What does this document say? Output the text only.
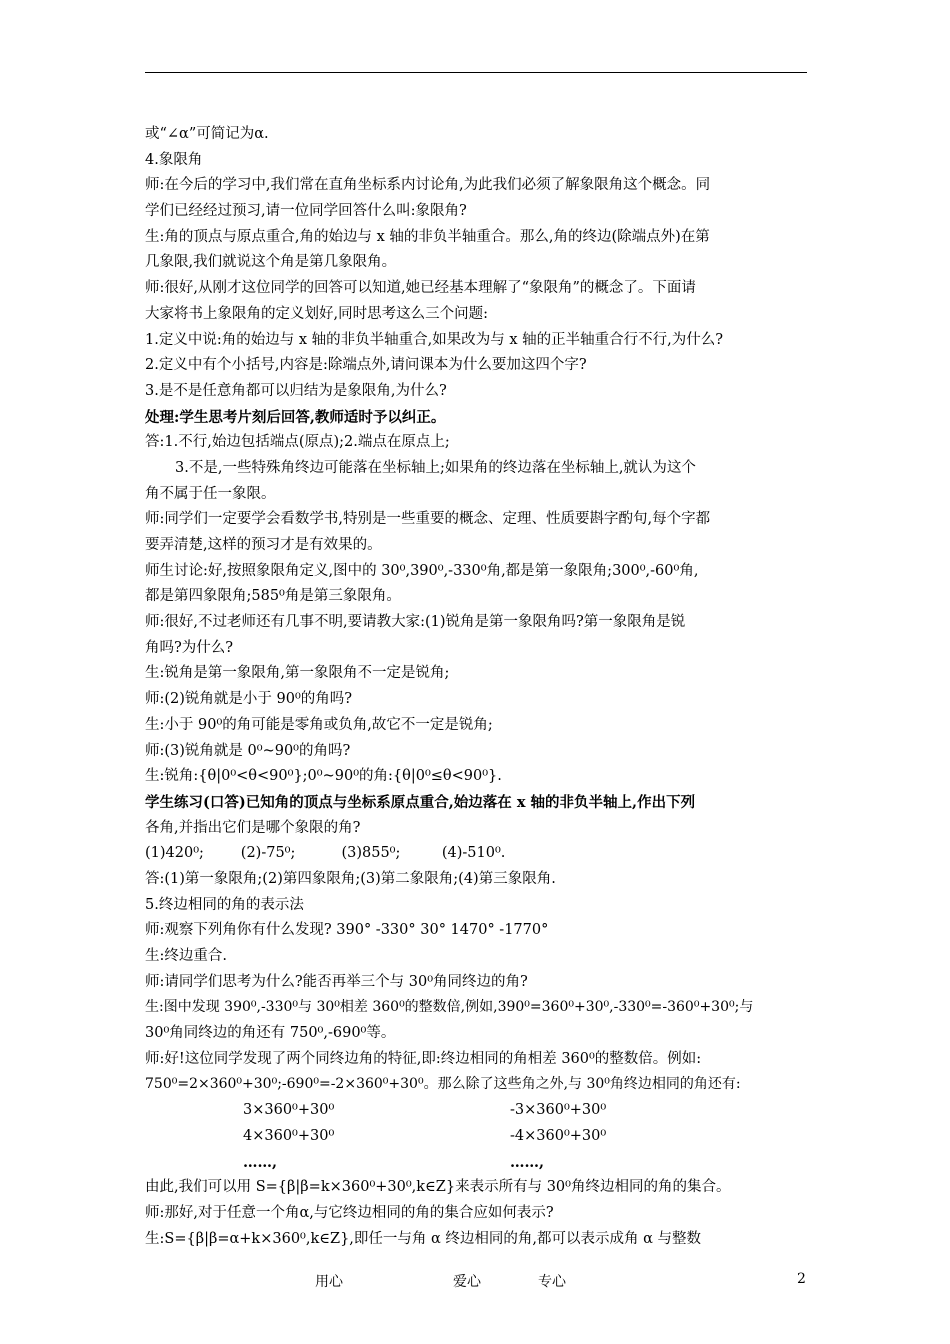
或“∠α”可简记为α.
4.象限角
师:在今后的学习中,我们常在直角坐标系内讨论角,为此我们必须了解象限角这个概念。同
学们已经经过预习,请一位同学回答什么叫:象限角?
生:角的顶点与原点重合,角的始边与 x 轴的非负半轴重合。那么,角的终边(除端点外)在第
几象限,我们就说这个角是第几象限角。
师:很好,从刚才这位同学的回答可以知道,她已经基本理解了“象限角”的概念了。下面请
大家将书上象限角的定义划好,同时思考这么三个问题:
1.定义中说:角的始边与 x 轴的非负半轴重合,如果改为与 x 轴的正半轴重合行不行,为什么?
2.定义中有个小括号,内容是:除端点外,请问课本为什么要加这四个字?
3.是不是任意角都可以归结为是象限角,为什么?
处理:学生思考片刻后回答,教师适时予以纠正。
答:1.不行,始边包括端点(原点);2.端点在原点上;
3.不是,一些特殊角终边可能落在坐标轴上;如果角的终边落在坐标轴上,就认为这个
角不属于任一象限。
师:同学们一定要学会看数学书,特别是一些重要的概念、定理、性质要斟字酌句,每个字都
要弄清楚,这样的预习才是有效果的。
师生讨论:好,按照象限角定义,图中的 30⁰,390⁰,-330⁰角,都是第一象限角;300⁰,-60⁰角,
都是第四象限角;585⁰角是第三象限角。
师:很好,不过老师还有几事不明,要请教大家:(1)锐角是第一象限角吗?第一象限角是锐
角吗?为什么?
生:锐角是第一象限角,第一象限角不一定是锐角;
师:(2)锐角就是小于 90⁰的角吗?
生:小于 90⁰的角可能是零角或负角,故它不一定是锐角;
师:(3)锐角就是 0⁰~90⁰的角吗?
生:锐角:{θ|0⁰<θ<90⁰};0⁰~90⁰的角:{θ|0⁰≤θ<90⁰}.
学生练习(口答)已知角的顶点与坐标系原点重合,始边落在 x 轴的非负半轴上,作出下列
各角,并指出它们是哪个象限的角?
(1)420⁰;        (2)-75⁰;          (3)855⁰;         (4)-510⁰.
答:(1)第一象限角;(2)第四象限角;(3)第二象限角;(4)第三象限角.
5.终边相同的角的表示法
师:观察下列角你有什么发现? 390° -330° 30° 1470° -1770°
生:终边重合.
师:请同学们思考为什么?能否再举三个与 30⁰角同终边的角?
生:图中发现 390⁰,-330⁰与 30⁰相差 360⁰的整数倍,例如,390⁰=360⁰+30⁰,-330⁰=-360⁰+30⁰;与
30⁰角同终边的角还有 750⁰,-690⁰等。
师:好!这位同学发现了两个同终边角的特征,即:终边相同的角相差 360⁰的整数倍。例如:
750⁰=2×360⁰+30⁰;-690⁰=-2×360⁰+30⁰。那么除了这些角之外,与 30⁰角终边相同的角还有:
3×360⁰+30⁰	-3×360⁰+30⁰
4×360⁰+30⁰	-4×360⁰+30⁰
……,	……,
由此,我们可以用 S={β|β=k×360⁰+30⁰,k∈Z}来表示所有与 30⁰角终边相同的角的集合。
师:那好,对于任意一个角α,与它终边相同的角的集合应如何表示?
生:S={β|β=α+k×360⁰,k∈Z},即任一与角 α 终边相同的角,都可以表示成角 α 与整数
用心	爱心	专心	2
